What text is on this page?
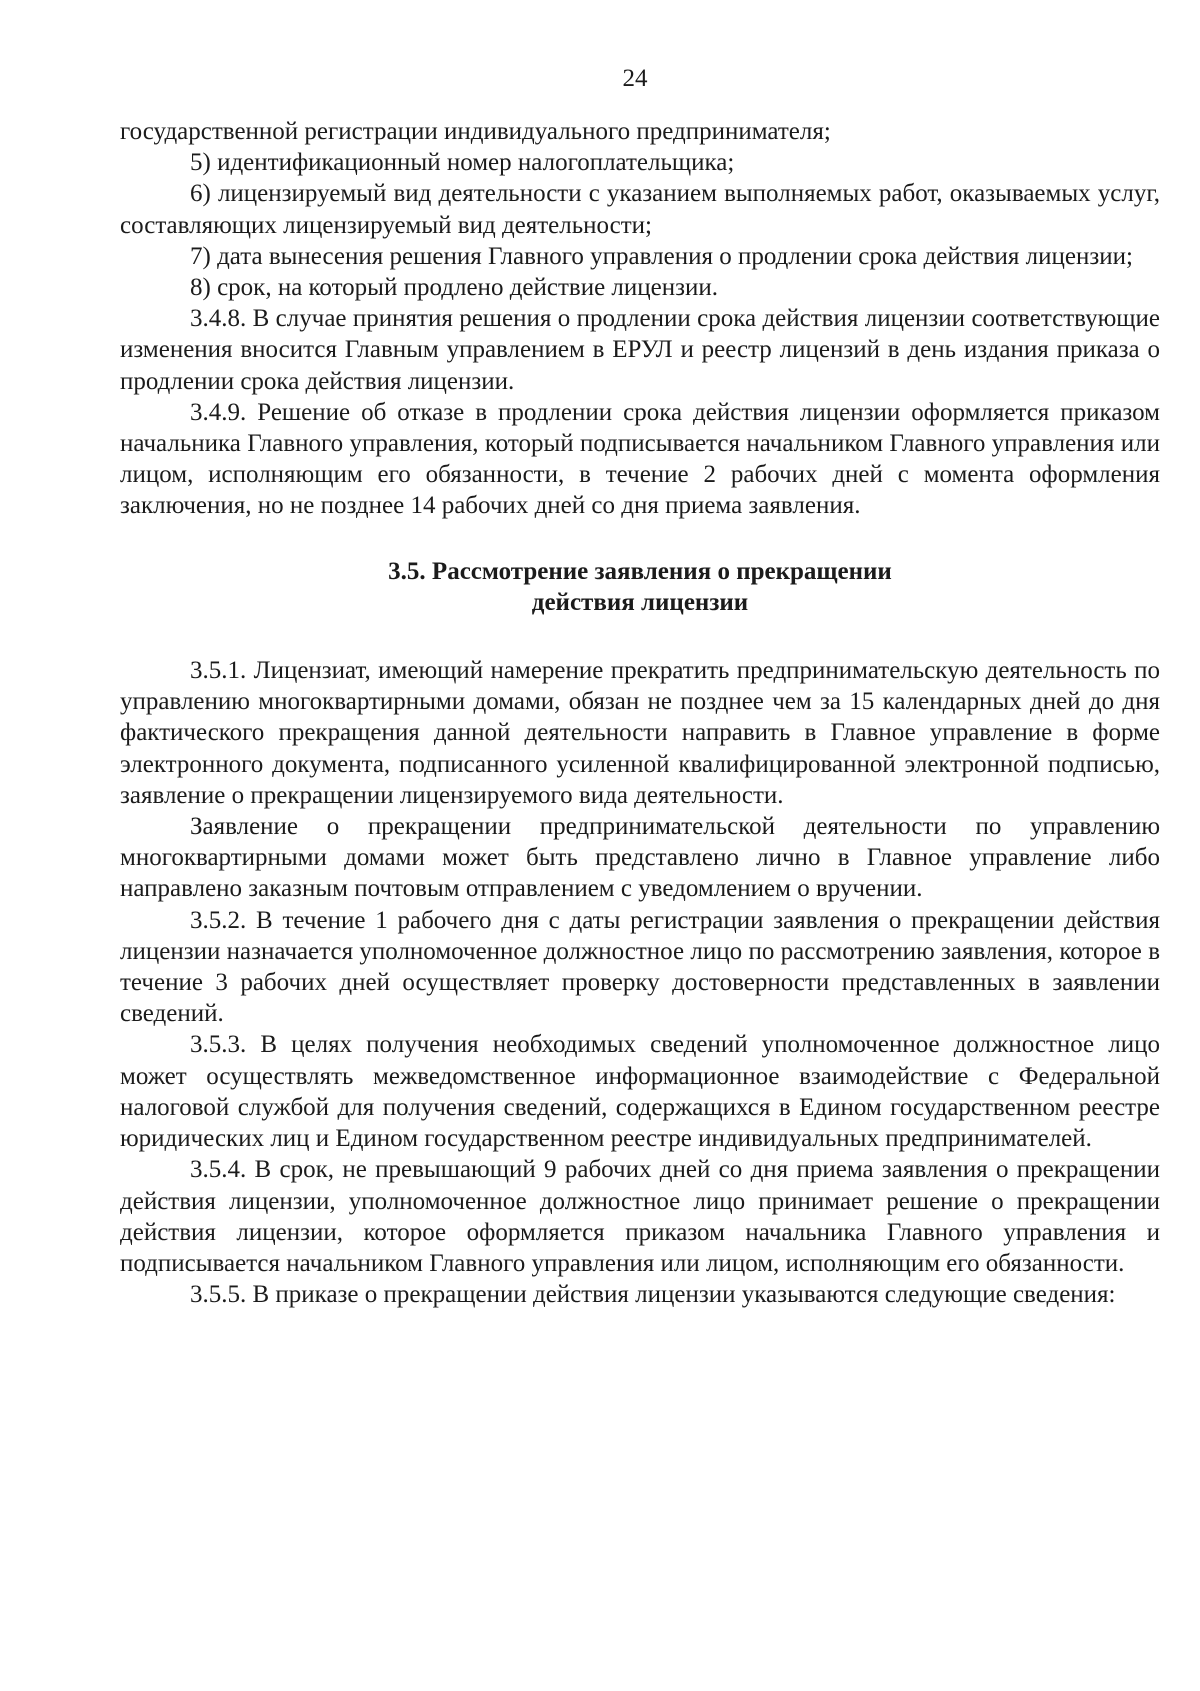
24

государственной регистрации индивидуального предпринимателя;

5) идентификационный номер налогоплательщика;

6) лицензируемый вид деятельности с указанием выполняемых работ, оказываемых услуг, составляющих лицензируемый вид деятельности;

7) дата вынесения решения Главного управления о продлении срока действия лицензии;

8) срок, на который продлено действие лицензии.

3.4.8. В случае принятия решения о продлении срока действия лицензии соответствующие изменения вносится Главным управлением в ЕРУЛ и реестр лицензий в день издания приказа о продлении срока действия лицензии.

3.4.9. Решение об отказе в продлении срока действия лицензии оформляется приказом начальника Главного управления, который подписывается начальником Главного управления или лицом, исполняющим его обязанности, в течение 2 рабочих дней с момента оформления заключения, но не позднее 14 рабочих дней со дня приема заявления.

3.5. Рассмотрение заявления о прекращении
действия лицензии

3.5.1. Лицензиат, имеющий намерение прекратить предпринимательскую деятельность по управлению многоквартирными домами, обязан не позднее чем за 15 календарных дней до дня фактического прекращения данной деятельности направить в Главное управление в форме электронного документа, подписанного усиленной квалифицированной электронной подписью, заявление о прекращении лицензируемого вида деятельности.

Заявление о прекращении предпринимательской деятельности по управлению многоквартирными домами может быть представлено лично в Главное управление либо направлено заказным почтовым отправлением с уведомлением о вручении.

3.5.2. В течение 1 рабочего дня с даты регистрации заявления о прекращении действия лицензии назначается уполномоченное должностное лицо по рассмотрению заявления, которое в течение 3 рабочих дней осуществляет проверку достоверности представленных в заявлении сведений.

3.5.3. В целях получения необходимых сведений уполномоченное должностное лицо может осуществлять межведомственное информационное взаимодействие с Федеральной налоговой службой для получения сведений, содержащихся в Едином государственном реестре юридических лиц и Едином государственном реестре индивидуальных предпринимателей.

3.5.4. В срок, не превышающий 9 рабочих дней со дня приема заявления о прекращении действия лицензии, уполномоченное должностное лицо принимает решение о прекращении действия лицензии, которое оформляется приказом начальника Главного управления и подписывается начальником Главного управления или лицом, исполняющим его обязанности.

3.5.5. В приказе о прекращении действия лицензии указываются следующие сведения:
